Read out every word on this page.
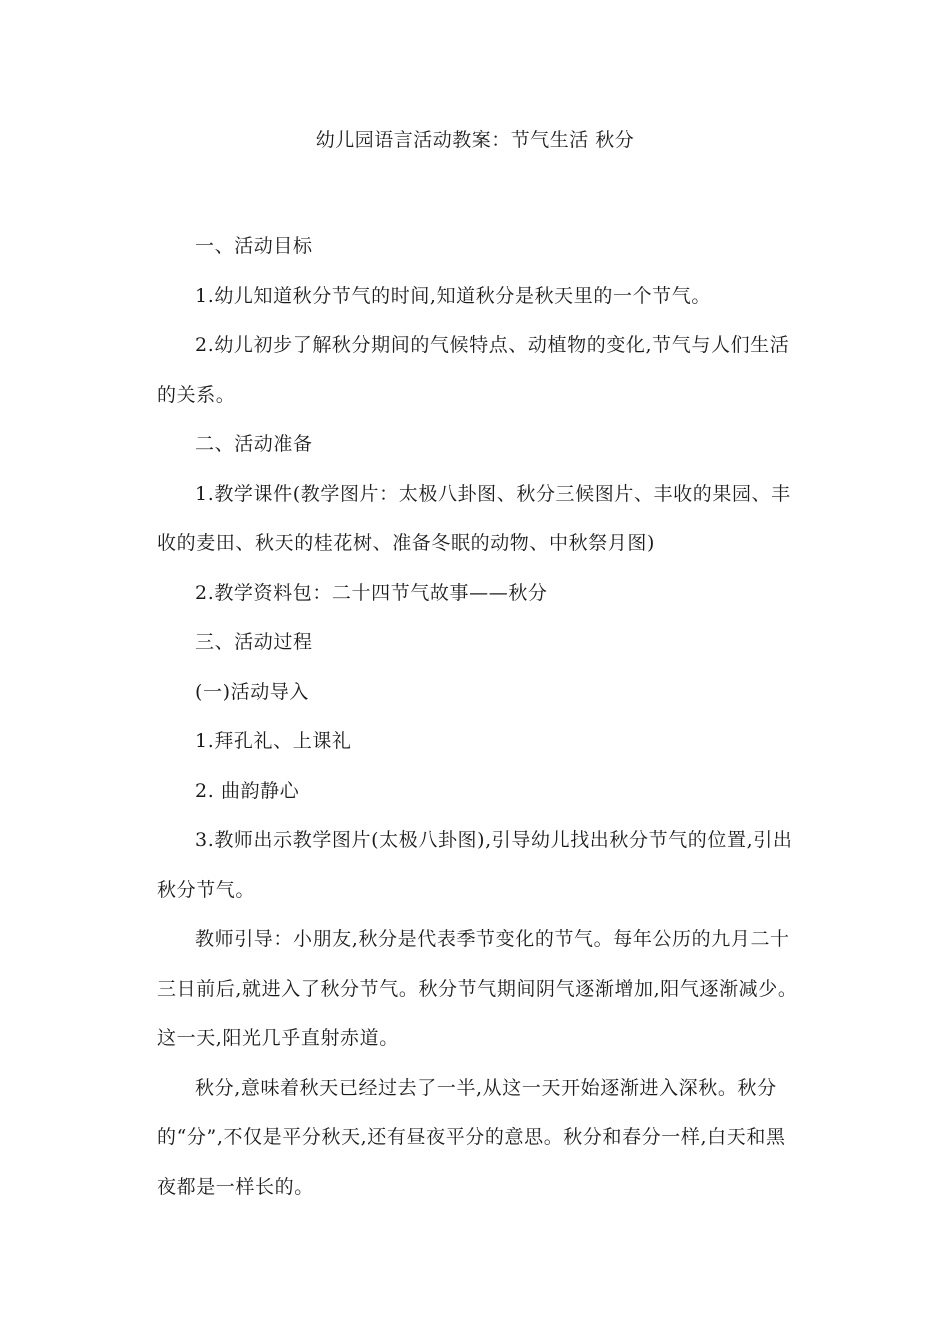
幼儿园语言活动教案：节气生活 秋分

一、活动目标

1.幼儿知道秋分节气的时间,知道秋分是秋天里的一个节气。

2.幼儿初步了解秋分期间的气候特点、动植物的变化,节气与人们生活的关系。

二、活动准备

1.教学课件(教学图片：太极八卦图、秋分三候图片、丰收的果园、丰收的麦田、秋天的桂花树、准备冬眠的动物、中秋祭月图)

2.教学资料包：二十四节气故事——秋分

三、活动过程

(一)活动导入

1.拜孔礼、上课礼

2. 曲韵静心

3.教师出示教学图片(太极八卦图),引导幼儿找出秋分节气的位置,引出秋分节气。

教师引导：小朋友,秋分是代表季节变化的节气。每年公历的九月二十三日前后,就进入了秋分节气。秋分节气期间阴气逐渐增加,阳气逐渐减少。这一天,阳光几乎直射赤道。

秋分,意味着秋天已经过去了一半,从这一天开始逐渐进入深秋。秋分的“分”,不仅是平分秋天,还有昼夜平分的意思。秋分和春分一样,白天和黑夜都是一样长的。
